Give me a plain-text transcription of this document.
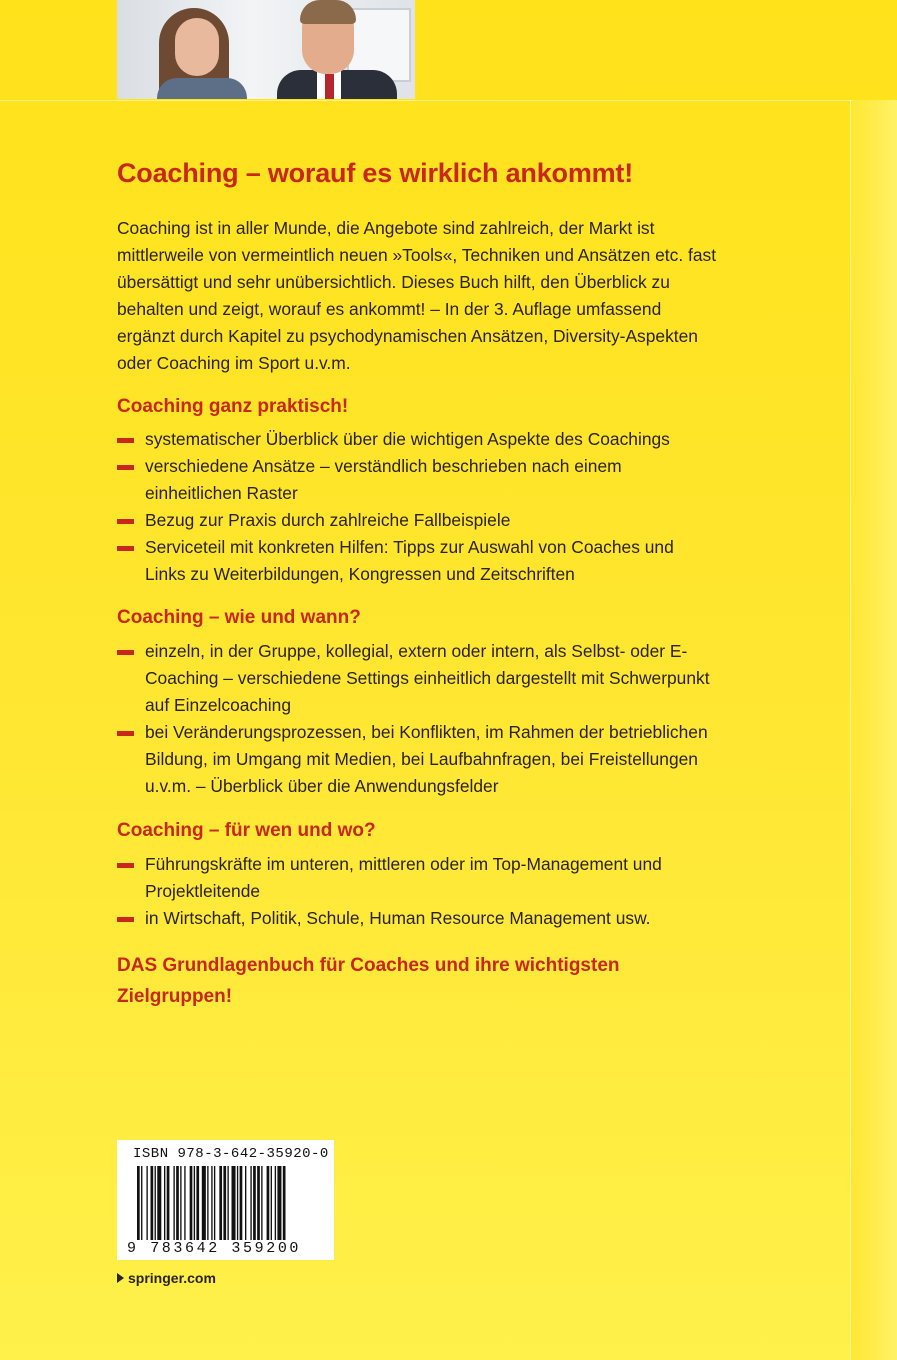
Coaching – worauf es wirklich ankommt!

Coaching ist in aller Munde, die Angebote sind zahlreich, der Markt ist mittlerweile von vermeintlich neuen »Tools«, Techniken und Ansätzen etc. fast übersättigt und sehr unübersichtlich. Dieses Buch hilft, den Überblick zu behalten und zeigt, worauf es ankommt! – In der 3. Auflage umfassend ergänzt durch Kapitel zu psychodynamischen Ansätzen, Diversity-Aspekten oder Coaching im Sport u.v.m.

Coaching ganz praktisch!
systematischer Überblick über die wichtigen Aspekte des Coachings
verschiedene Ansätze – verständlich beschrieben nach einem einheitlichen Raster
Bezug zur Praxis durch zahlreiche Fallbeispiele
Serviceteil mit konkreten Hilfen: Tipps zur Auswahl von Coaches und Links zu Weiterbildungen, Kongressen und Zeitschriften
Coaching – wie und wann?
einzeln, in der Gruppe, kollegial, extern oder intern, als Selbst- oder E-Coaching – verschiedene Settings einheitlich dargestellt mit Schwerpunkt auf Einzelcoaching
bei Veränderungsprozessen, bei Konflikten, im Rahmen der betrieblichen Bildung, im Umgang mit Medien, bei Laufbahnfragen, bei Freistellungen u.v.m. – Überblick über die Anwendungsfelder
Coaching – für wen und wo?
Führungskräfte im unteren, mittleren oder im Top-Management und Projektleitende
in Wirtschaft, Politik, Schule, Human Resource Management usw.

DAS Grundlagenbuch für Coaches und ihre wichtigsten Zielgruppen!

ISBN 978-3-642-35920-0
9 783642 359200
springer.com
